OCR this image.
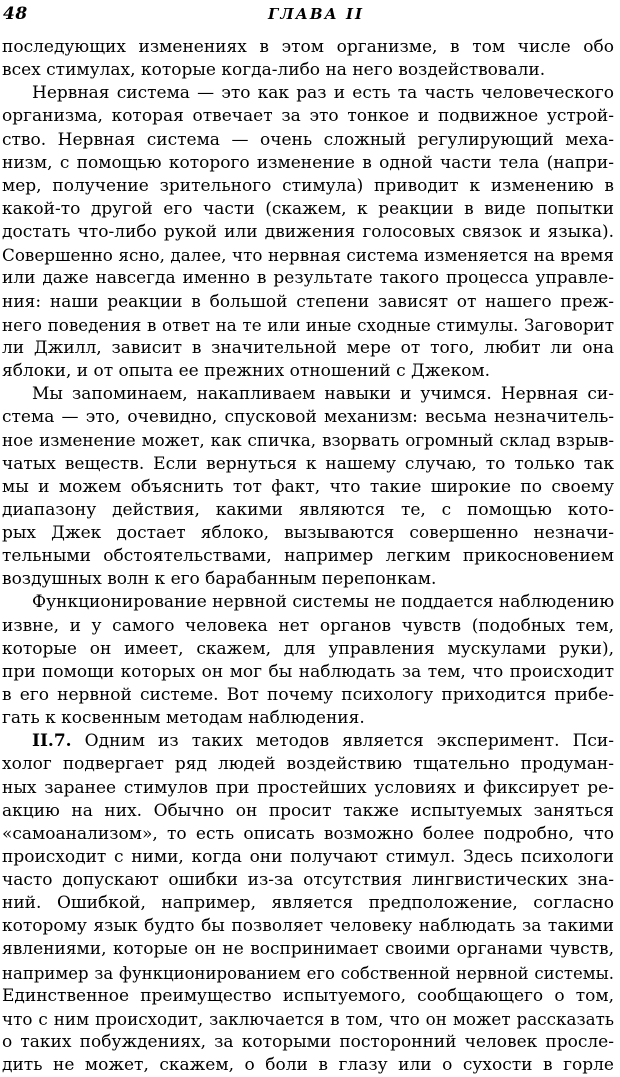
48	ГЛАВА II
последующих изменениях в этом организме, в том числе обо
всех стимулах, которые когда-либо на него воздействовали.
Нервная система — это как раз и есть та часть человеческого
организма, которая отвечает за это тонкое и подвижное устрой-
ство. Нервная система — очень сложный регулирующий меха-
низм, с помощью которого изменение в одной части тела (напри-
мер, получение зрительного стимула) приводит к изменению в
какой-то другой его части (скажем, к реакции в виде попытки
достать что-либо рукой или движения голосовых связок и языка).
Совершенно ясно, далее, что нервная система изменяется на время
или даже навсегда именно в результате такого процесса управле-
ния: наши реакции в большой степени зависят от нашего преж-
него поведения в ответ на те или иные сходные стимулы. Заговорит
ли Джилл, зависит в значительной мере от того, любит ли она
яблоки, и от опыта ее прежних отношений с Джеком.
Мы запоминаем, накапливаем навыки и учимся. Нервная си-
стема — это, очевидно, спусковой механизм: весьма незначитель-
ное изменение может, как спичка, взорвать огромный склад взрыв-
чатых веществ. Если вернуться к нашему случаю, то только так
мы и можем объяснить тот факт, что такие широкие по своему
диапазону действия, какими являются те, с помощью кото-
рых Джек достает яблоко, вызываются совершенно незначи-
тельными обстоятельствами, например легким прикосновением
воздушных волн к его барабанным перепонкам.
Функционирование нервной системы не поддается наблюдению
извне, и у самого человека нет органов чувств (подобных тем,
которые он имеет, скажем, для управления мускулами руки),
при помощи которых он мог бы наблюдать за тем, что происходит
в его нервной системе. Вот почему психологу приходится прибе-
гать к косвенным методам наблюдения.
II.7. Одним из таких методов является эксперимент. Пси-
холог подвергает ряд людей воздействию тщательно продуман-
ных заранее стимулов при простейших условиях и фиксирует ре-
акцию на них. Обычно он просит также испытуемых заняться
«самоанализом», то есть описать возможно более подробно, что
происходит с ними, когда они получают стимул. Здесь психологи
часто допускают ошибки из-за отсутствия лингвистических зна-
ний. Ошибкой, например, является предположение, согласно
которому язык будто бы позволяет человеку наблюдать за такими
явлениями, которые он не воспринимает своими органами чувств,
например за функционированием его собственной нервной системы.
Единственное преимущество испытуемого, сообщающего о том,
что с ним происходит, заключается в том, что он может рассказать
о таких побуждениях, за которыми посторонний человек просле-
дить не может, скажем, о боли в глазу или о сухости в горле
